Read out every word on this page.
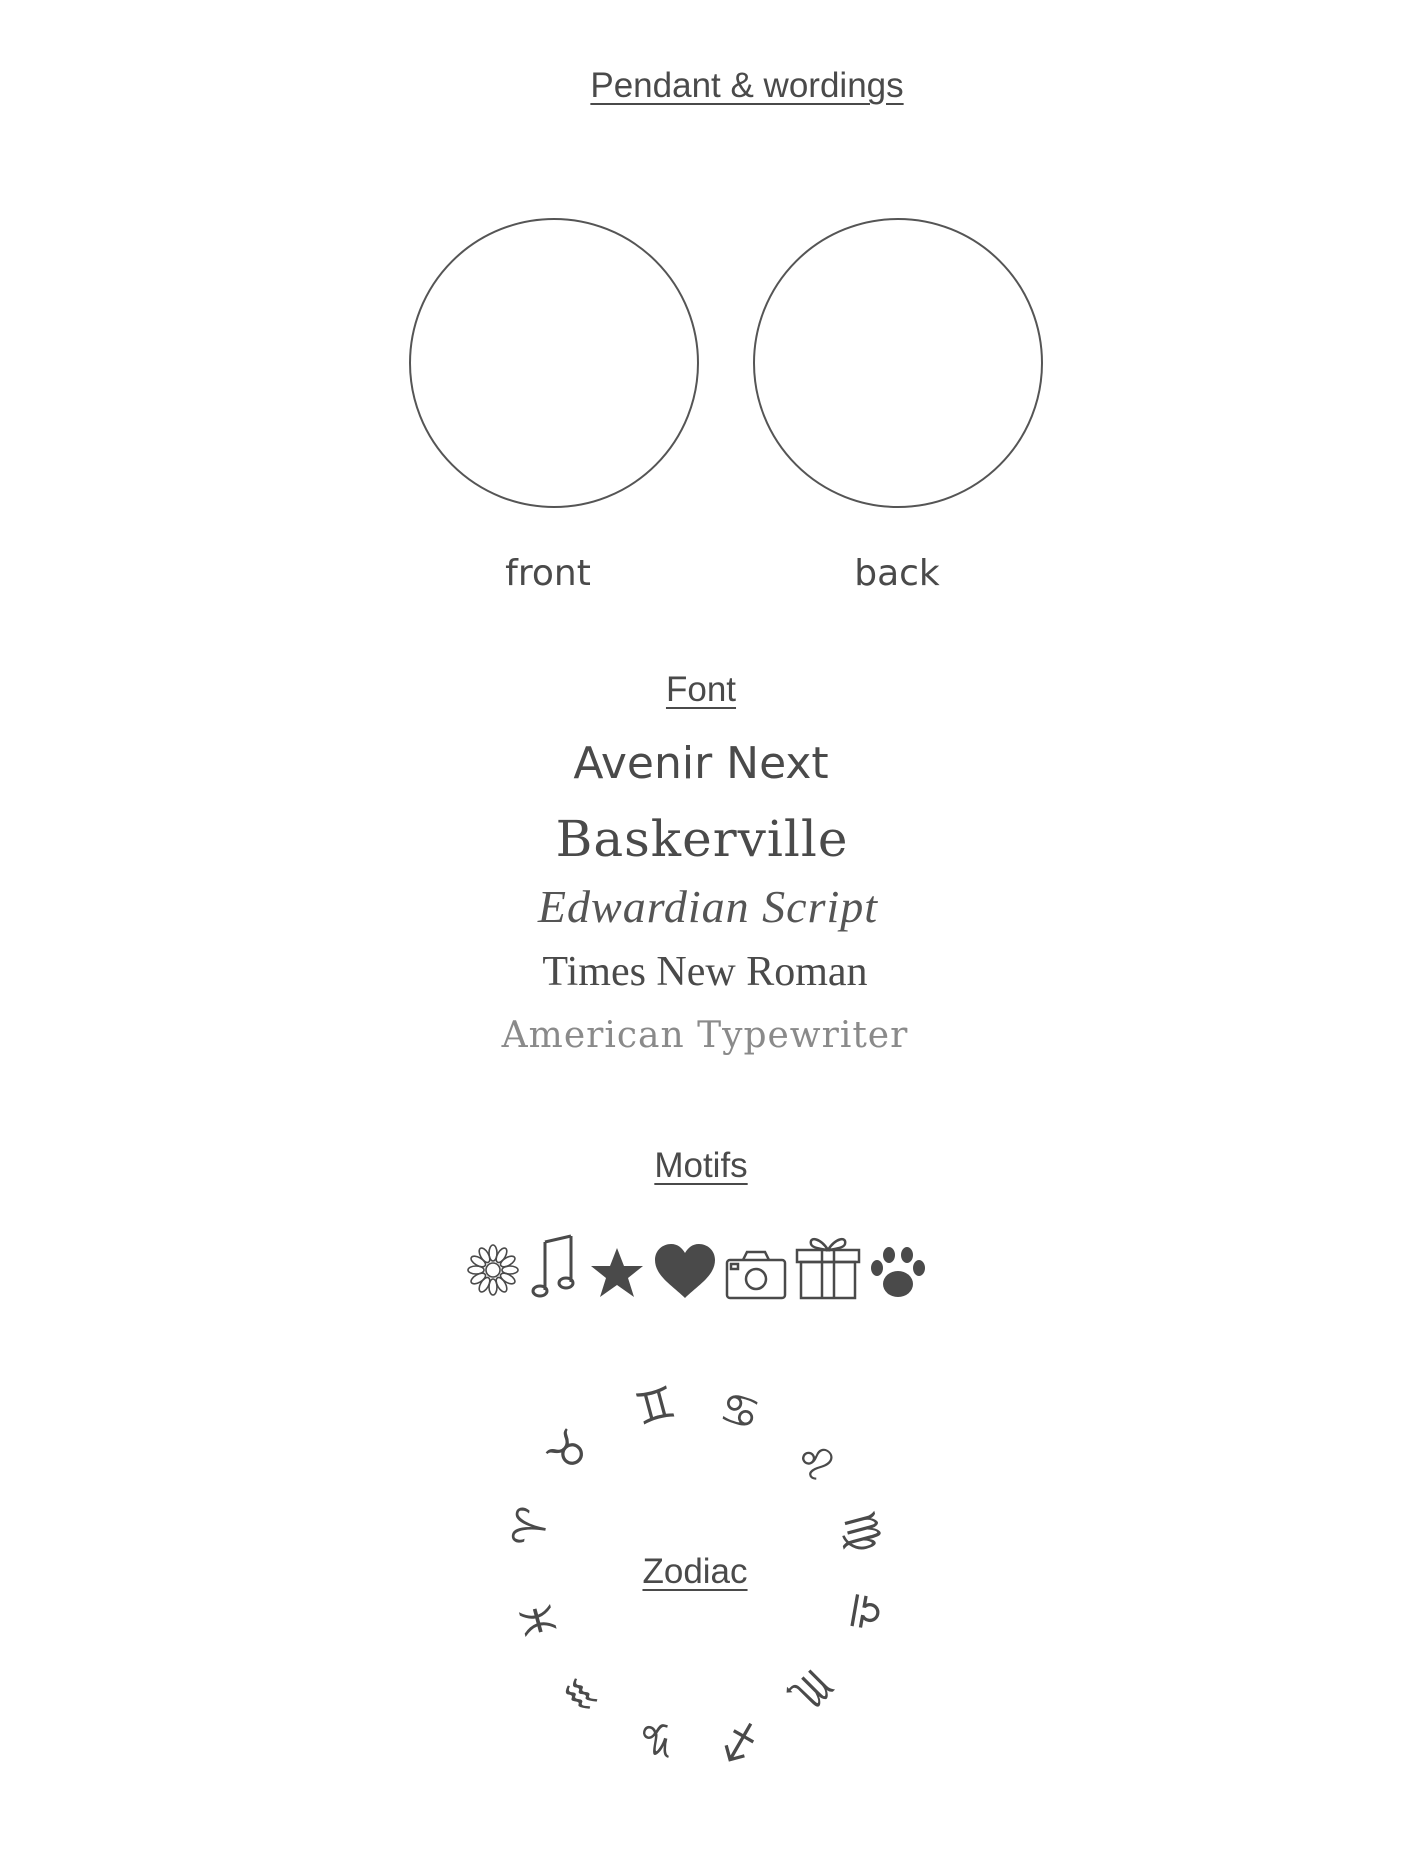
Pendant & wordings
front	back
Font
Avenir Next
Baskerville
Edwardian Script
Times New Roman
American Typewriter
Motifs
Zodiac
♈
♉
♊ ♋
♌
♍
♎
♏
♐
♑
♒
♓
